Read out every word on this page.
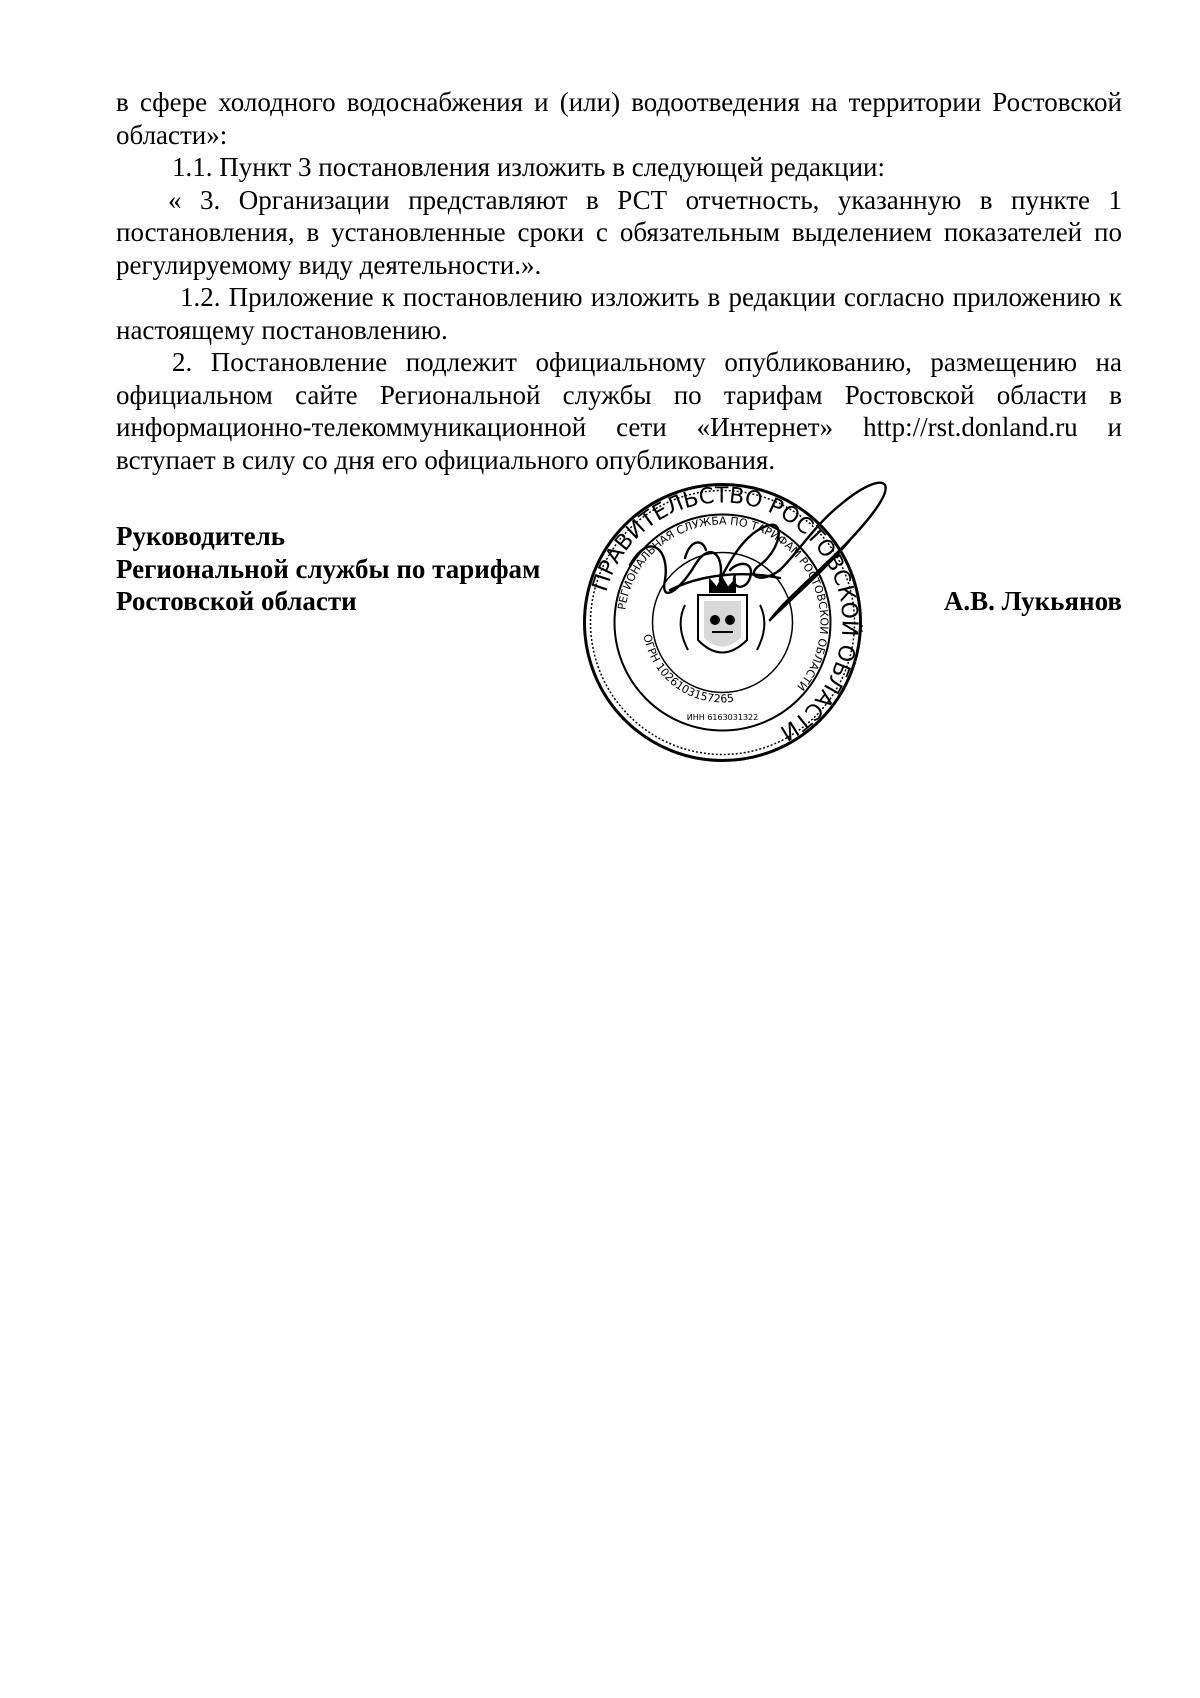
в сфере холодного водоснабжения и (или) водоотведения на территории Ростовской области»:

1.1. Пункт 3 постановления изложить в следующей редакции:

« 3. Организации представляют в РСТ отчетность, указанную в пункте 1 постановления, в установленные сроки с обязательным выделением показателей по регулируемому виду деятельности.».

1.2. Приложение к постановлению изложить в редакции согласно приложению к настоящему постановлению.

2. Постановление подлежит официальному опубликованию, размещению на официальном сайте Региональной службы по тарифам Ростовской области в информационно-телекоммуникационной сети «Интернет» http://rst.donland.ru и вступает в силу со дня его официального опубликования.

Руководитель
Региональной службы по тарифам
Ростовской области	А.В. Лукьянов
ПРАВИТЕЛЬСТВО РОСТОВСКОЙ ОБЛАСТИ
РЕГИОНАЛЬНАЯ СЛУЖБА ПО ТАРИФАМ РОСТОВСКОЙ ОБЛАСТИ
ОГРН 1026103157265
ИНН 6163031322
